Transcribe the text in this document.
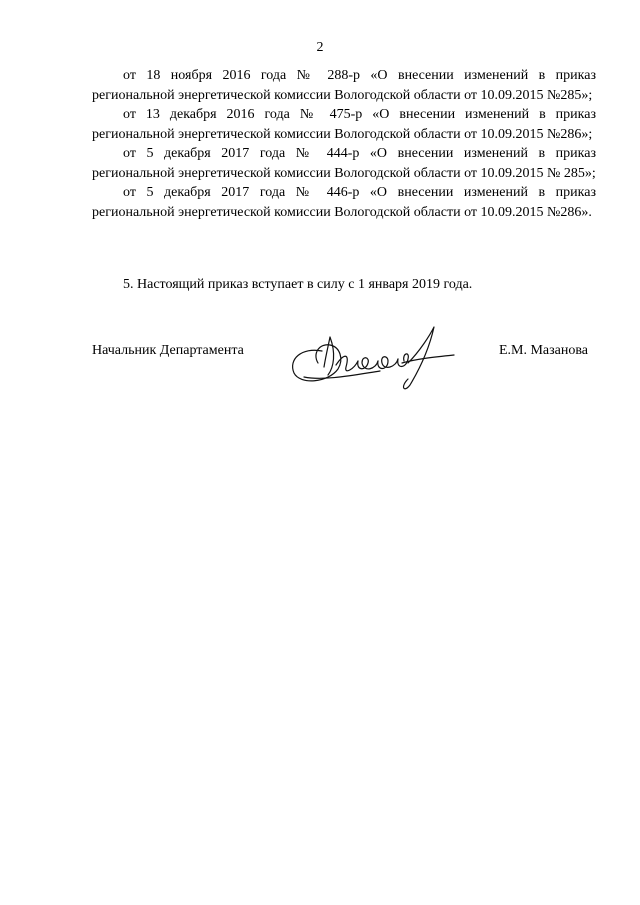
2

от 18 ноября 2016 года № 288-р «О внесении изменений в приказ
региональной энергетической комиссии Вологодской области от 10.09.2015 №285»;

от 13 декабря 2016 года № 475-р «О внесении изменений в приказ
региональной энергетической комиссии Вологодской области от 10.09.2015 №286»;

от 5 декабря 2017 года № 444-р «О внесении изменений в приказ
региональной энергетической комиссии Вологодской области от 10.09.2015 № 285»;

от 5 декабря 2017 года № 446-р «О внесении изменений в приказ
региональной энергетической комиссии Вологодской области от 10.09.2015 №286».

5. Настоящий приказ вступает в силу с 1 января 2019 года.
Начальник Департамента	Е.М. Мазанова
